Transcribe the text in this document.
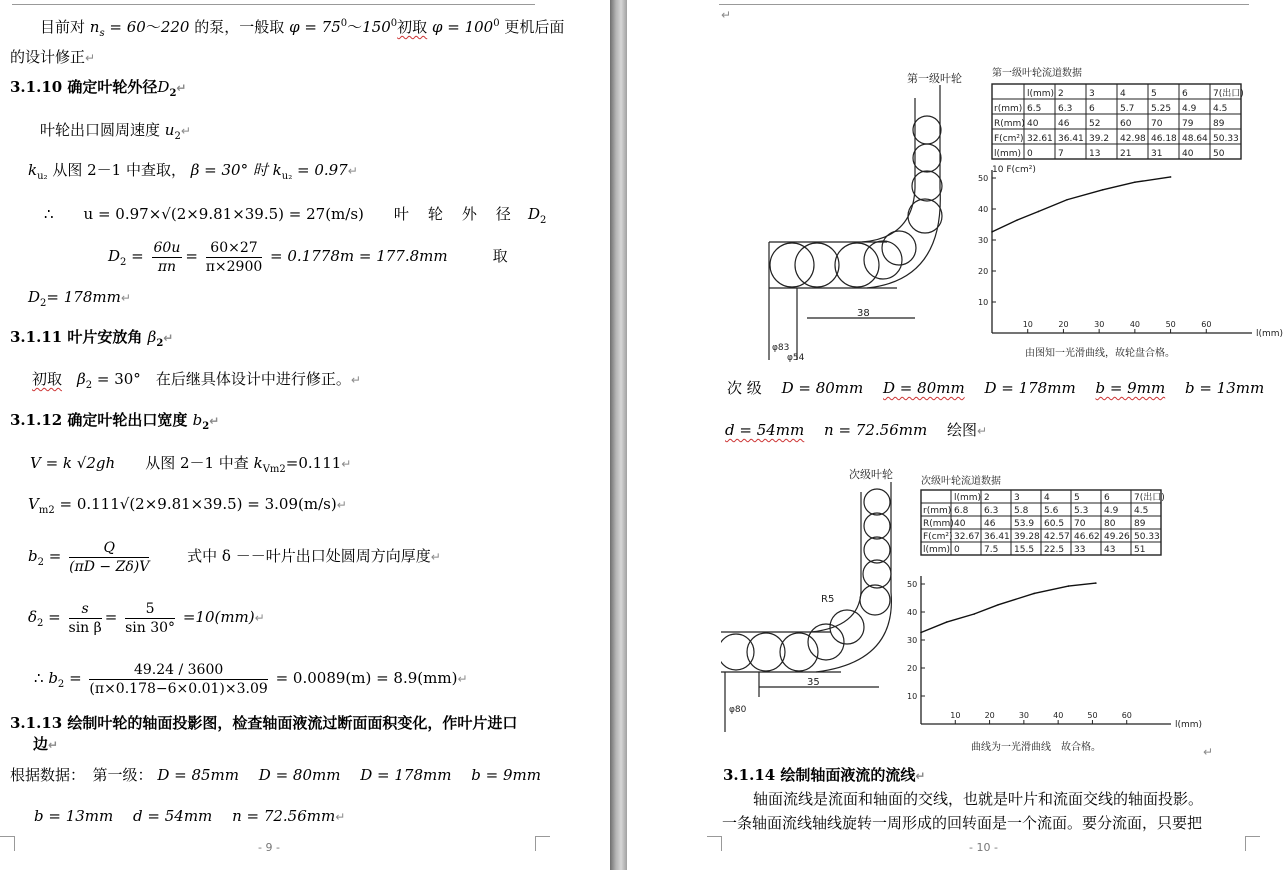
目前对 $n_s$ = 60～220 的泵，一般取 $\varphi = 75^0\sim 150^0$初取 $\varphi = 100^0$ 更机后面
的设计修正↵
3.1.10 确定叶轮外径$D_2↵$
叶轮出口圆周速度 $u_2↵$
$k_{u_2}$ 从图 2－1 中查取， β = 30° 时 $k_{u_2}$ = 0.97↵
∴　　u = 0.97×√(2×9.81×39.5) = 27(m/s)　　 叶　轮　外　径　 $D_2$
$D_2 = \frac{60u}{\pi n} = \frac{60\times 27}{\pi\times 2900} = 0.1778m = 177.8mm$　　　	取
$D_2=$ 178mm↵
3.1.11 叶片安放角 $\beta_2↵$
初取　 $\beta_2 = 30^\circ$　 在后继具体设计中进行修正。↵
3.1.12 确定叶轮出口宽度 $b_2↵$
V = k √2gh　　 从图 2－1 中查 $k_{Vm2}=0.111↵$
$V_{m2} = 0.111√(2\times 9.81\times 39.5)$ = 3.09(m/s)↵
$b_2 = \frac{Q}{(\pi D - Z\delta)V}$
　　	式中 δ －－叶片出口处圆周方向厚度↵
$\delta_2 = \frac{s}{\text{sin β}} = \frac{5}{\sin 30^\circ}$ =10(mm)↵
∴ $b_2 = \frac{49.24 / 3600}{(\pi\times 0.178-6\times 0.01)\times 3.09} = 0.0089(m)$ = 8.9(mm)↵
3.1.13 绘制叶轮的轴面投影图，检查轴面液流过断面面积变化，作叶片进口
边↵
根据数据：　 第一级： D = 85mm　 D = 80mm　 D = 178mm　 b = 9mm
b = 13mm　 d = 54mm　 n = 72.56mm↵
- 9 -
↵
第一级叶轮
38
φ83
φ54
第一级叶轮流道数据
l(mm) 2	3	4	5	6	7(出口)
r(mm) 6.5 6.3 6	5.7 5.25 4.9 4.5
R(mm) 40 46 52 60 70 79 89
F(cm²) 32.61 36.41 39.2 42.98 46.18 48.64 50.33
l(mm) 0	7	13 21 31 40 50
10	20	30	40	50	60
10
20
30
40
50
l(mm)
10 F(cm²)
由图知一光滑曲线，故轮盘合格。
次 级　 D = 80mm　 D = 80mm　 D = 178mm　 b = 9mm　 b = 13mm
d = 54mm　 n = 72.56mm　 绘图↵
次级叶轮
35
R5
φ80
次级叶轮流道数据
l(mm) 2	3	4	5	6	7(出口)
r(mm) 6.8 6.3 5.8 5.6 5.3 4.9 4.5
R(mm) 40 46 53.9 60.5 70 80 89
F(cm²) 32.67 36.41 39.28 42.57 46.62 49.26 50.33
l(mm) 0	7.5 15.5 22.5 33 43 51
10	20	30	40	50	60
10
20
30
40
50
l(mm)
曲线为一光滑曲线　故合格。	↵
3.1.14 绘制轴面液流的流线↵
轴面流线是流面和轴面的交线，也就是叶片和流面交线的轴面投影。
一条轴面流线轴线旋转一周形成的回转面是一个流面。要分流面，只要把
- 10 -
